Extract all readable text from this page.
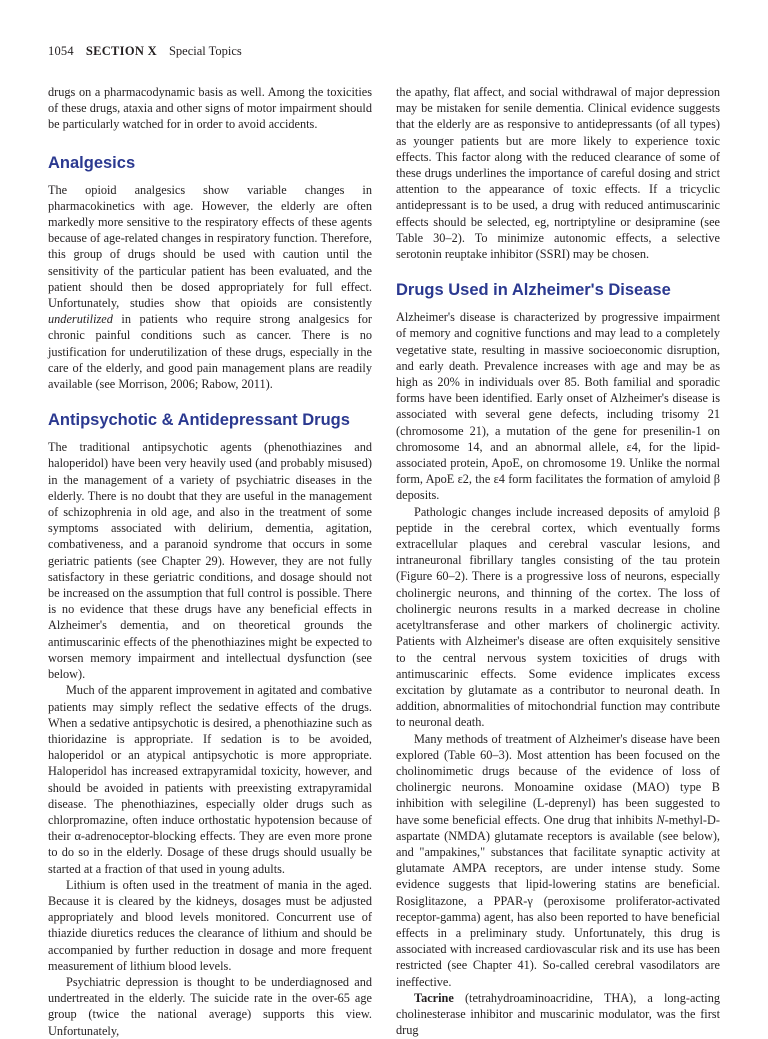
1054 SECTION X Special Topics

drugs on a pharmacodynamic basis as well. Among the toxicities of these drugs, ataxia and other signs of motor impairment should be particularly watched for in order to avoid accidents.

Analgesics

The opioid analgesics show variable changes in pharmacokinetics with age. However, the elderly are often markedly more sensitive to the respiratory effects of these agents because of age-related changes in respiratory function. Therefore, this group of drugs should be used with caution until the sensitivity of the particular patient has been evaluated, and the patient should then be dosed appropriately for full effect. Unfortunately, studies show that opioids are consistently underutilized in patients who require strong analgesics for chronic painful conditions such as cancer. There is no justification for underutilization of these drugs, especially in the care of the elderly, and good pain management plans are readily available (see Morrison, 2006; Rabow, 2011).

Antipsychotic & Antidepressant Drugs

The traditional antipsychotic agents (phenothiazines and haloperidol) have been very heavily used (and probably misused) in the management of a variety of psychiatric diseases in the elderly. There is no doubt that they are useful in the management of schizophrenia in old age, and also in the treatment of some symptoms associated with delirium, dementia, agitation, combativeness, and a paranoid syndrome that occurs in some geriatric patients (see Chapter 29). However, they are not fully satisfactory in these geriatric conditions, and dosage should not be increased on the assumption that full control is possible. There is no evidence that these drugs have any beneficial effects in Alzheimer's dementia, and on theoretical grounds the antimuscarinic effects of the phenothiazines might be expected to worsen memory impairment and intellectual dysfunction (see below).

Much of the apparent improvement in agitated and combative patients may simply reflect the sedative effects of the drugs. When a sedative antipsychotic is desired, a phenothiazine such as thioridazine is appropriate. If sedation is to be avoided, haloperidol or an atypical antipsychotic is more appropriate. Haloperidol has increased extrapyramidal toxicity, however, and should be avoided in patients with preexisting extrapyramidal disease. The phenothiazines, especially older drugs such as chlorpromazine, often induce orthostatic hypotension because of their α-adrenoceptor-blocking effects. They are even more prone to do so in the elderly. Dosage of these drugs should usually be started at a fraction of that used in young adults.

Lithium is often used in the treatment of mania in the aged. Because it is cleared by the kidneys, dosages must be adjusted appropriately and blood levels monitored. Concurrent use of thiazide diuretics reduces the clearance of lithium and should be accompanied by further reduction in dosage and more frequent measurement of lithium blood levels.

Psychiatric depression is thought to be underdiagnosed and undertreated in the elderly. The suicide rate in the over-65 age group (twice the national average) supports this view. Unfortunately,

the apathy, flat affect, and social withdrawal of major depression may be mistaken for senile dementia. Clinical evidence suggests that the elderly are as responsive to antidepressants (of all types) as younger patients but are more likely to experience toxic effects. This factor along with the reduced clearance of some of these drugs underlines the importance of careful dosing and strict attention to the appearance of toxic effects. If a tricyclic antidepressant is to be used, a drug with reduced antimuscarinic effects should be selected, eg, nortriptyline or desipramine (see Table 30–2). To minimize autonomic effects, a selective serotonin reuptake inhibitor (SSRI) may be chosen.

Drugs Used in Alzheimer's Disease

Alzheimer's disease is characterized by progressive impairment of memory and cognitive functions and may lead to a completely vegetative state, resulting in massive socioeconomic disruption, and early death. Prevalence increases with age and may be as high as 20% in individuals over 85. Both familial and sporadic forms have been identified. Early onset of Alzheimer's disease is associated with several gene defects, including trisomy 21 (chromosome 21), a mutation of the gene for presenilin-1 on chromosome 14, and an abnormal allele, ε4, for the lipid-associated protein, ApoE, on chromosome 19. Unlike the normal form, ApoE ε2, the ε4 form facilitates the formation of amyloid β deposits.

Pathologic changes include increased deposits of amyloid β peptide in the cerebral cortex, which eventually forms extracellular plaques and cerebral vascular lesions, and intraneuronal fibrillary tangles consisting of the tau protein (Figure 60–2). There is a progressive loss of neurons, especially cholinergic neurons, and thinning of the cortex. The loss of cholinergic neurons results in a marked decrease in choline acetyltransferase and other markers of cholinergic activity. Patients with Alzheimer's disease are often exquisitely sensitive to the central nervous system toxicities of drugs with antimuscarinic effects. Some evidence implicates excess excitation by glutamate as a contributor to neuronal death. In addition, abnormalities of mitochondrial function may contribute to neuronal death.

Many methods of treatment of Alzheimer's disease have been explored (Table 60–3). Most attention has been focused on the cholinomimetic drugs because of the evidence of loss of cholinergic neurons. Monoamine oxidase (MAO) type B inhibition with selegiline (L-deprenyl) has been suggested to have some beneficial effects. One drug that inhibits N-methyl-D-aspartate (NMDA) glutamate receptors is available (see below), and "ampakines," substances that facilitate synaptic activity at glutamate AMPA receptors, are under intense study. Some evidence suggests that lipid-lowering statins are beneficial. Rosiglitazone, a PPAR-γ (peroxisome proliferator-activated receptor-gamma) agent, has also been reported to have beneficial effects in a preliminary study. Unfortunately, this drug is associated with increased cardiovascular risk and its use has been restricted (see Chapter 41). So-called cerebral vasodilators are ineffective.

Tacrine (tetrahydroaminoacridine, THA), a long-acting cholinesterase inhibitor and muscarinic modulator, was the first drug
